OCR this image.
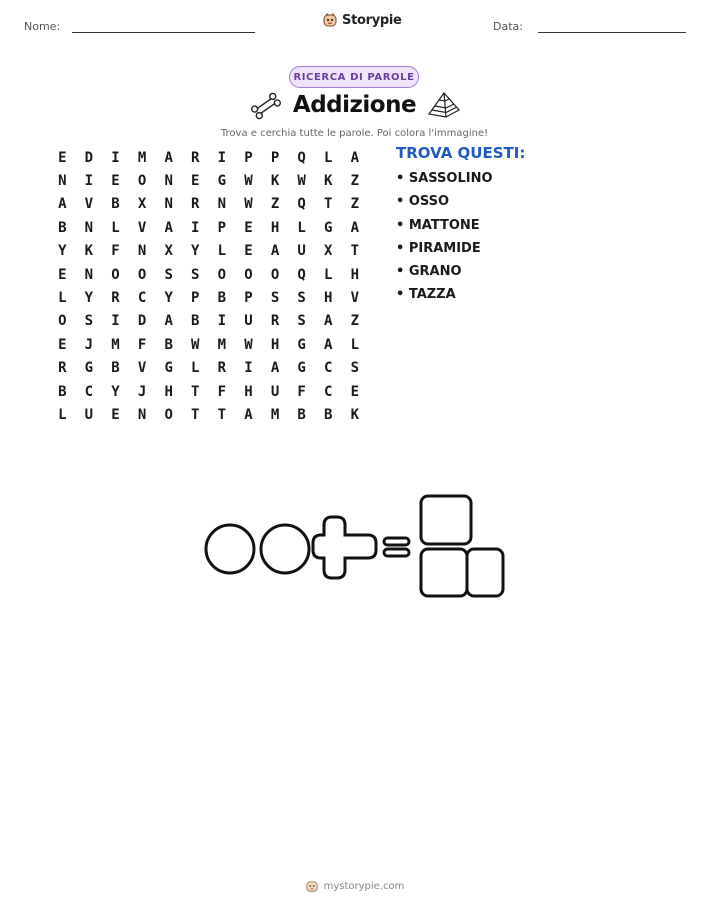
Nome:	Storypie	Data:
RICERCA DI PAROLE
Addizione
Trova e cerchia tutte le parole. Poi colora l'immagine!
E	D	I	M	A	R	I	P	P	Q	L	A
N	I	E	O	N	E	G	W	K	W	K	Z
A	V	B	X	N	R	N	W	Z	Q	T	Z
B	N	L	V	A	I	P	E	H	L	G	A
Y	K	F	N	X	Y	L	E	A	U	X	T
E	N	O	O	S	S	O	O	O	Q	L	H
L	Y	R	C	Y	P	B	P	S	S	H	V
O	S	I	D	A	B	I	U	R	S	A	Z
E	J	M	F	B	W	M	W	H	G	A	L
R	G	B	V	G	L	R	I	A	G	C	S
B	C	Y	J	H	T	F	H	U	F	C	E
L	U	E	N	O	T	T	A	M	B	B	K
TROVA QUESTI:
• SASSOLINO
• OSSO
• MATTONE
• PIRAMIDE
• GRANO
• TAZZA
mystorypie.com
